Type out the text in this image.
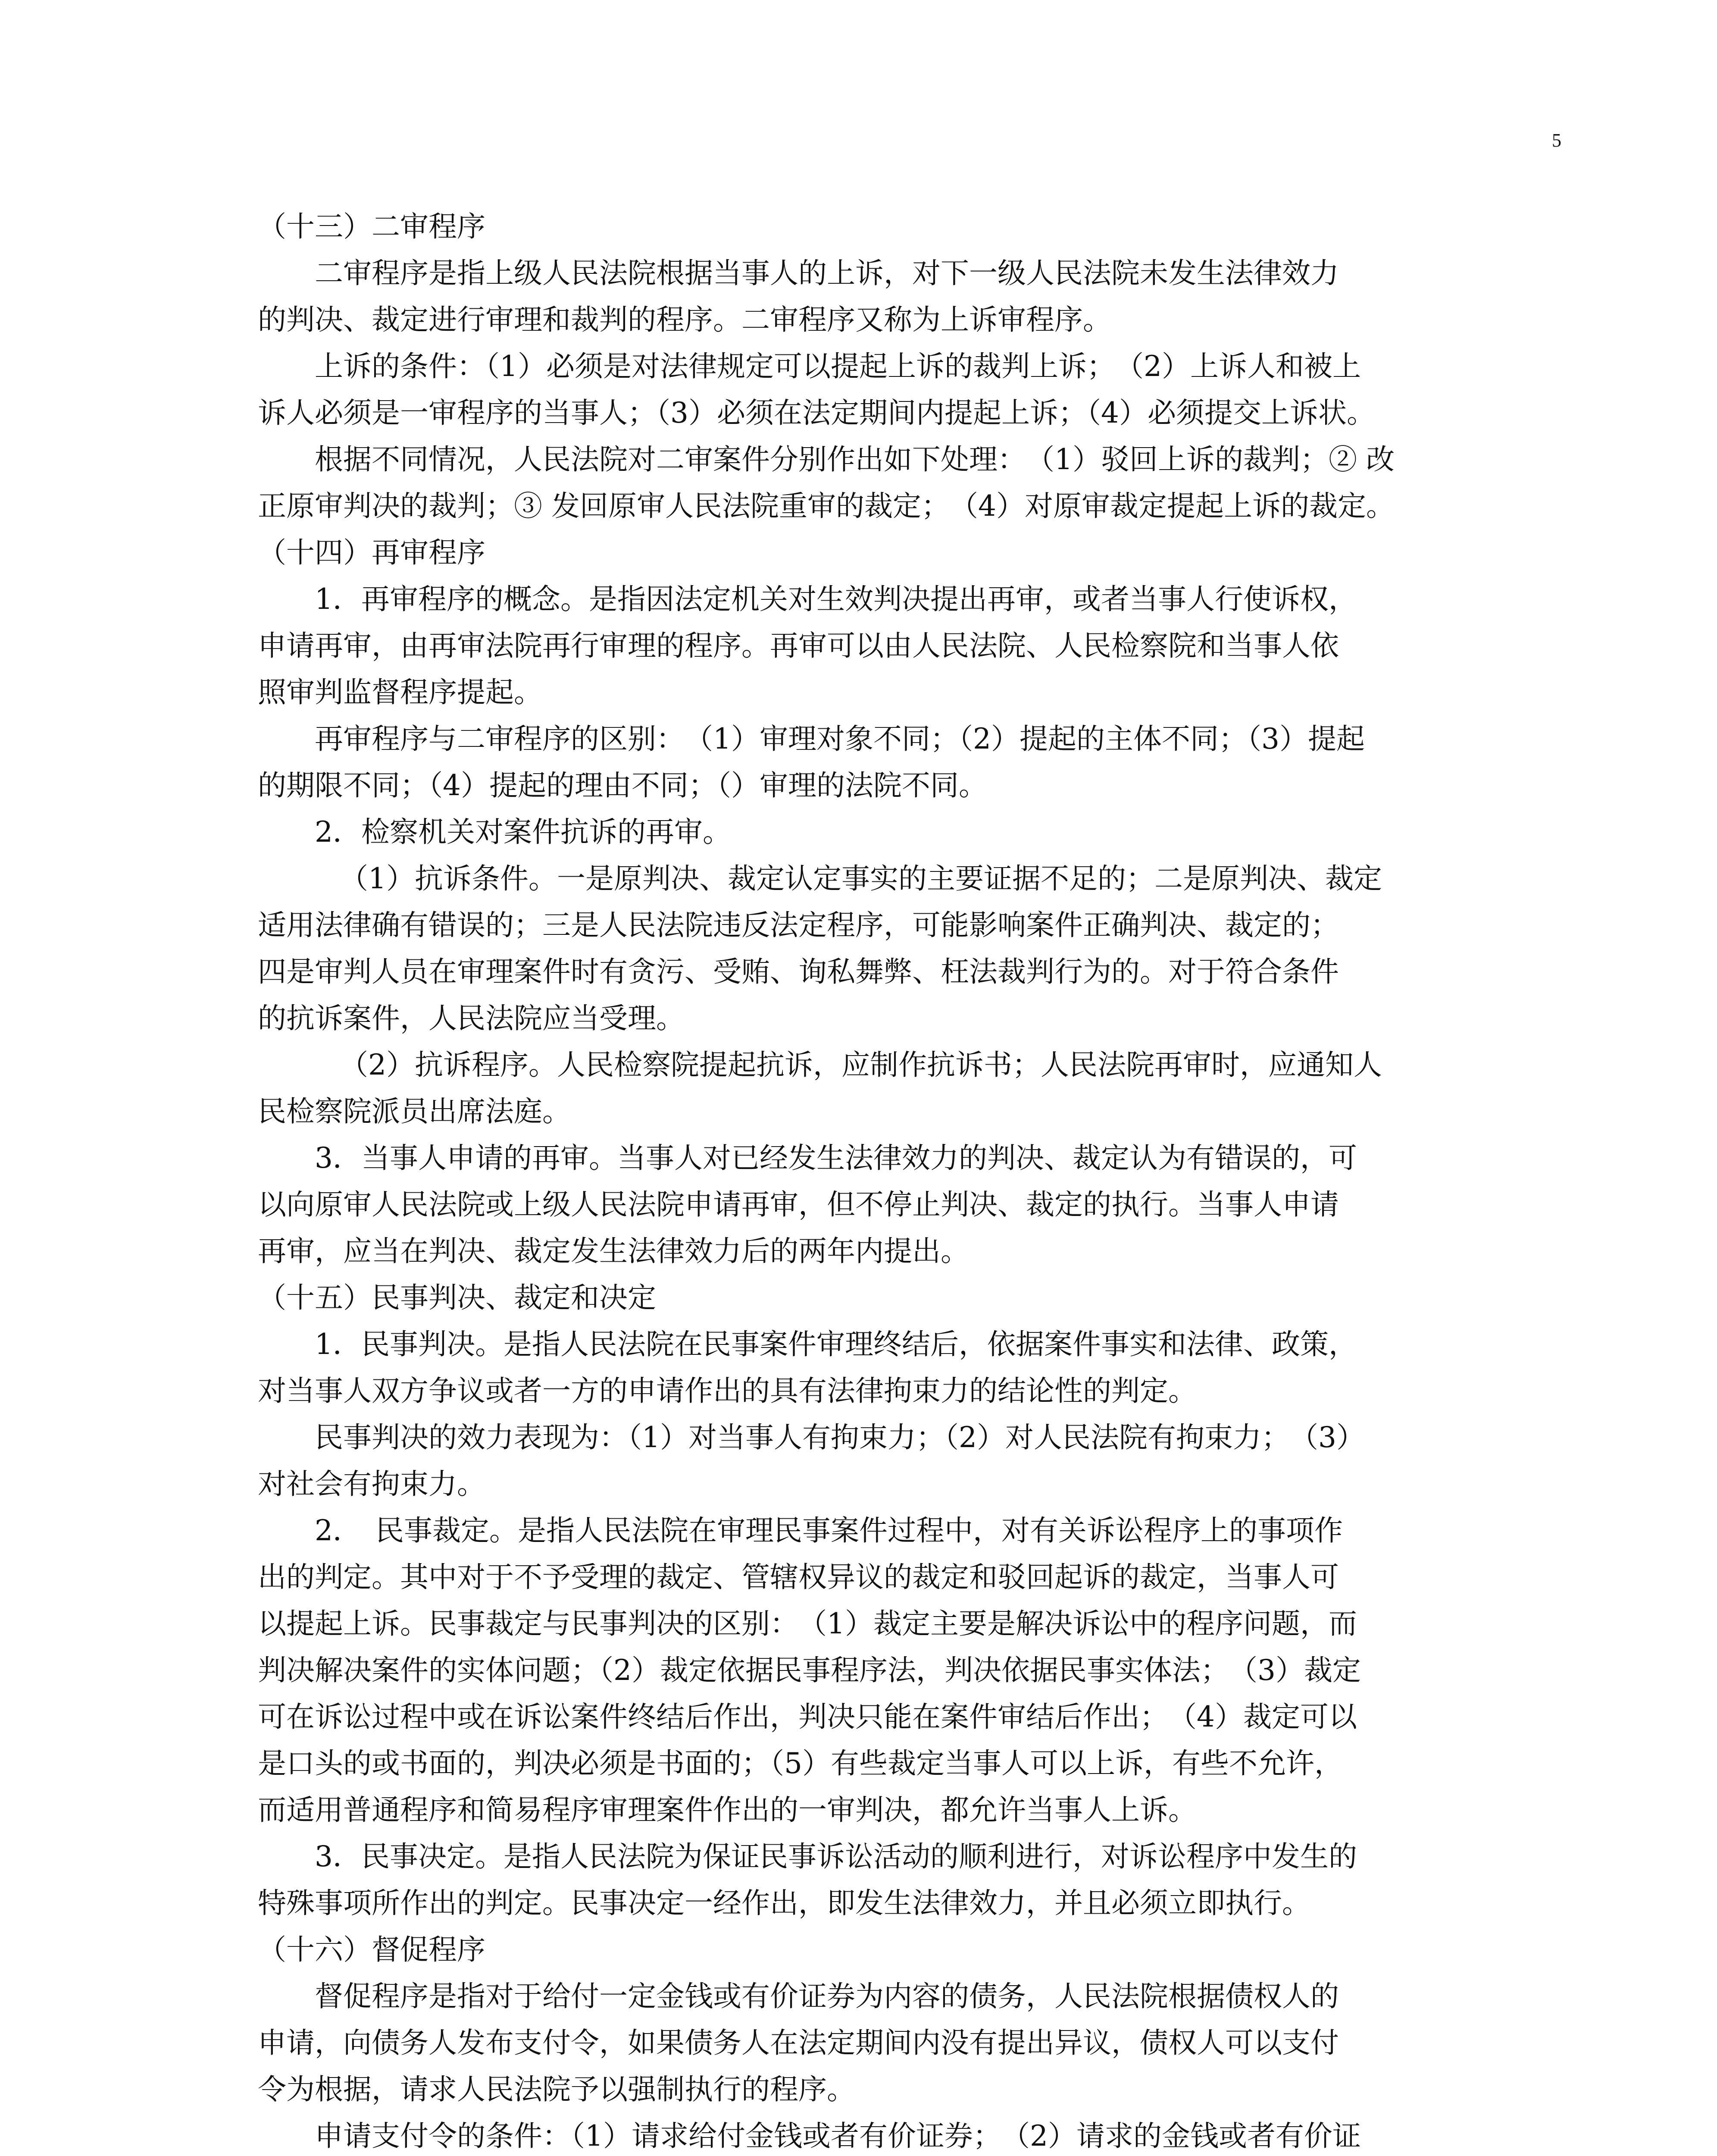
5
（十三）二审程序
二审程序是指上级人民法院根据当事人的上诉，对下一级人民法院未发生法律效力
的判决、裁定进行审理和裁判的程序。二审程序又称为上诉审程序。
上诉的条件：（1）必须是对法律规定可以提起上诉的裁判上诉；　（2）上诉人和被上
诉人必须是一审程序的当事人；（3）必须在法定期间内提起上诉；（4）必须提交上诉状。
根据不同情况，人民法院对二审案件分别作出如下处理：　（1）驳回上诉的裁判；② 改
正原审判决的裁判；③ 发回原审人民法院重审的裁定；　（4）对原审裁定提起上诉的裁定。
（十四）再审程序
1．再审程序的概念。是指因法定机关对生效判决提出再审，或者当事人行使诉权，
申请再审，由再审法院再行审理的程序。再审可以由人民法院、人民检察院和当事人依
照审判监督程序提起。
再审程序与二审程序的区别：　（1）审理对象不同；（2）提起的主体不同；（3）提起
的期限不同；（4）提起的理由不同；（）审理的法院不同。
2．检察机关对案件抗诉的再审。
（1）抗诉条件。一是原判决、裁定认定事实的主要证据不足的；二是原判决、裁定
适用法律确有错误的；三是人民法院违反法定程序，可能影响案件正确判决、裁定的；
四是审判人员在审理案件时有贪污、受贿、询私舞弊、枉法裁判行为的。对于符合条件
的抗诉案件，人民法院应当受理。
（2）抗诉程序。人民检察院提起抗诉，应制作抗诉书；人民法院再审时，应通知人
民检察院派员出席法庭。
3．当事人申请的再审。当事人对已经发生法律效力的判决、裁定认为有错误的，可
以向原审人民法院或上级人民法院申请再审，但不停止判决、裁定的执行。当事人申请
再审，应当在判决、裁定发生法律效力后的两年内提出。
（十五）民事判决、裁定和决定
1．民事判决。是指人民法院在民事案件审理终结后，依据案件事实和法律、政策，
对当事人双方争议或者一方的申请作出的具有法律拘束力的结论性的判定。
民事判决的效力表现为：（1）对当事人有拘束力；（2）对人民法院有拘束力；　（3）
对社会有拘束力。
2．　民事裁定。是指人民法院在审理民事案件过程中，对有关诉讼程序上的事项作
出的判定。其中对于不予受理的裁定、管辖权异议的裁定和驳回起诉的裁定，当事人可
以提起上诉。民事裁定与民事判决的区别：　（1）裁定主要是解决诉讼中的程序问题，而
判决解决案件的实体问题；（2）裁定依据民事程序法，判决依据民事实体法；　（3）裁定
可在诉讼过程中或在诉讼案件终结后作出，判决只能在案件审结后作出；　（4）裁定可以
是口头的或书面的，判决必须是书面的；（5）有些裁定当事人可以上诉，有些不允许，
而适用普通程序和简易程序审理案件作出的一审判决，都允许当事人上诉。
3．民事决定。是指人民法院为保证民事诉讼活动的顺利进行，对诉讼程序中发生的
特殊事项所作出的判定。民事决定一经作出，即发生法律效力，并且必须立即执行。
（十六）督促程序
督促程序是指对于给付一定金钱或有价证券为内容的债务，人民法院根据债权人的
申请，向债务人发布支付令，如果债务人在法定期间内没有提出异议，债权人可以支付
令为根据，请求人民法院予以强制执行的程序。
申请支付令的条件：（1）请求给付金钱或者有价证券；　（2）请求的金钱或者有价证
